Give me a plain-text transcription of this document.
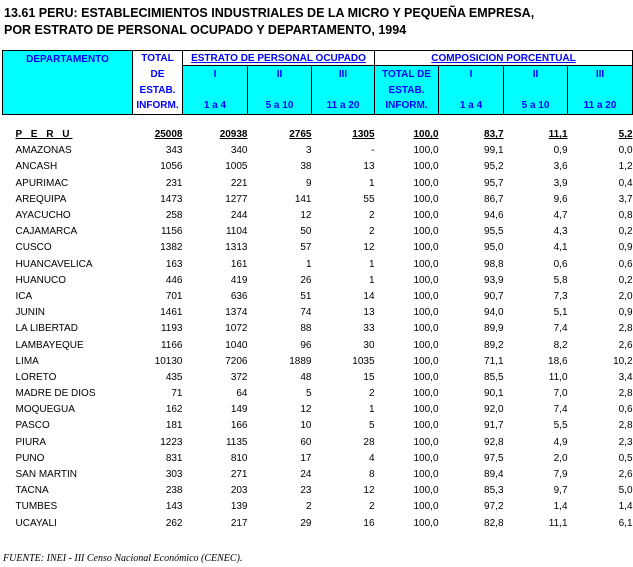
13.61 PERU: ESTABLECIMIENTOS INDUSTRIALES DE LA MICRO Y PEQUEÑA EMPRESA,
POR ESTRATO DE PERSONAL OCUPADO Y DEPARTAMENTO, 1994
DEPARTAMENTO	TOTAL	ESTRATO DE PERSONAL OCUPADO			COMPOSICION PORCENTUAL			
	DE	I	II	III	TOTAL DE	I	II	III
	ESTAB.				ESTAB.			
	INFORM.	1 a 4	5 a 10	11 a 20	INFORM.	1 a 4	5 a 10	11 a 20

P E R U	25008	20938	2765	1305	100,0	83,7	11,1	5,2
AMAZONAS	343	340	3	-	100,0	99,1	0,9	0,0
ANCASH	1056	1005	38	13	100,0	95,2	3,6	1,2
APURIMAC	231	221	9	1	100,0	95,7	3,9	0,4
AREQUIPA	1473	1277	141	55	100,0	86,7	9,6	3,7
AYACUCHO	258	244	12	2	100,0	94,6	4,7	0,8
CAJAMARCA	1156	1104	50	2	100,0	95,5	4,3	0,2
CUSCO	1382	1313	57	12	100,0	95,0	4,1	0,9
HUANCAVELICA	163	161	1	1	100,0	98,8	0,6	0,6
HUANUCO	446	419	26	1	100,0	93,9	5,8	0,2
ICA	701	636	51	14	100,0	90,7	7,3	2,0
JUNIN	1461	1374	74	13	100,0	94,0	5,1	0,9
LA LIBERTAD	1193	1072	88	33	100,0	89,9	7,4	2,8
LAMBAYEQUE	1166	1040	96	30	100,0	89,2	8,2	2,6
LIMA	10130	7206	1889	1035	100,0	71,1	18,6	10,2
LORETO	435	372	48	15	100,0	85,5	11,0	3,4
MADRE DE DIOS	71	64	5	2	100,0	90,1	7,0	2,8
MOQUEGUA	162	149	12	1	100,0	92,0	7,4	0,6
PASCO	181	166	10	5	100,0	91,7	5,5	2,8
PIURA	1223	1135	60	28	100,0	92,8	4,9	2,3
PUNO	831	810	17	4	100,0	97,5	2,0	0,5
SAN MARTIN	303	271	24	8	100,0	89,4	7,9	2,6
TACNA	238	203	23	12	100,0	85,3	9,7	5,0
TUMBES	143	139	2	2	100,0	97,2	1,4	1,4
UCAYALI	262	217	29	16	100,0	82,8	11,1	6,1
FUENTE: INEI - III Censo Nacional Económico (CENEC).
